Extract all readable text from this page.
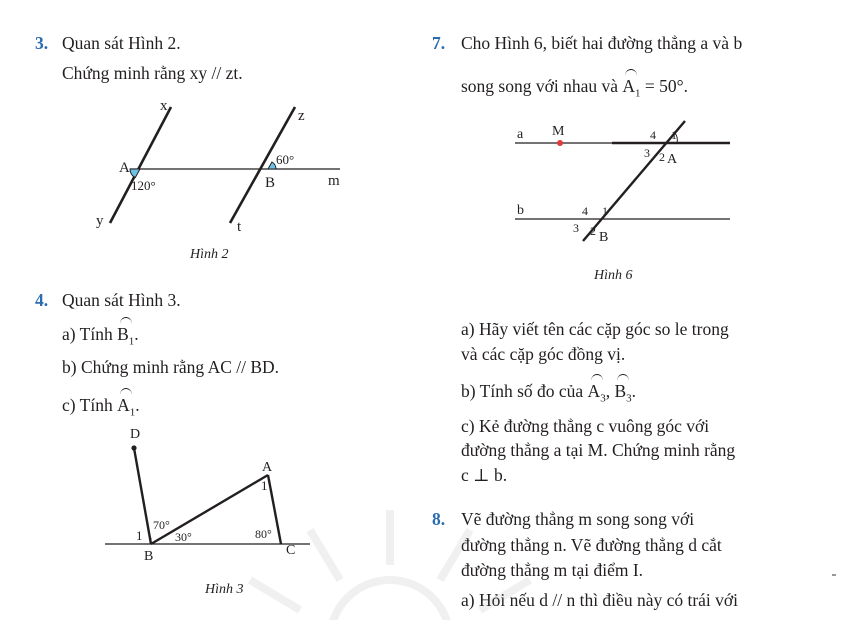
3. Quan sát Hình 2.
Chứng minh rằng xy // zt.
x
y
z
t
m
A
B
120°
60°
Hình 2
4. Quan sát Hình 3.
a) Tính $B_1$.
b) Chứng minh rằng AC // BD.
c) Tính $A_1$.
D
A
B	C
1
1
70°
30°	80°
Hình 3
7. Cho Hình 6, biết hai đường thẳng a và b
song song với nhau và $A_1 = 50^\circ$.
a
b
M
A
B
4 1
3 2
4 1
3 2
Hình 6
a) Hãy viết tên các cặp góc so le trong
và các cặp góc đồng vị.
b) Tính số đo của $A_3$, $B_3$.
c) Kẻ đường thẳng c vuông góc với
đường thẳng a tại M. Chứng minh rằng
c ⊥ b.
8. Vẽ đường thẳng m song song với
đường thẳng n. Vẽ đường thẳng d cắt
đường thẳng m tại điểm I.
a) Hỏi nếu d // n thì điều này có trái với
